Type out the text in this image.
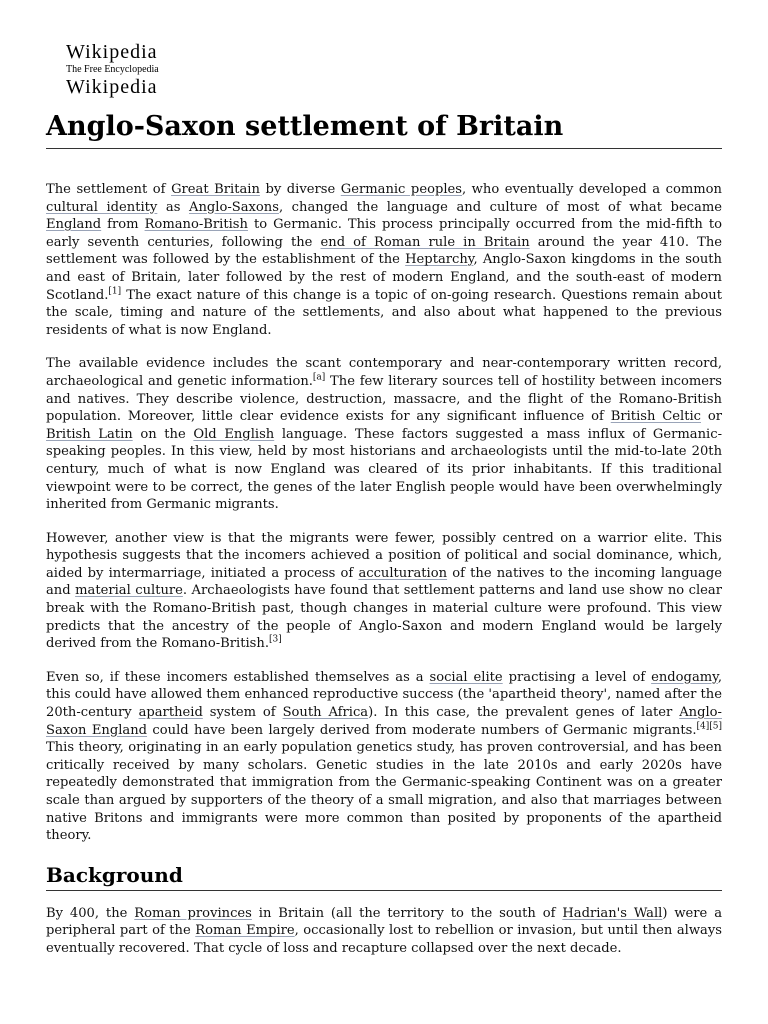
Wikipedia
The Free Encyclopedia
Wikipedia
Anglo-Saxon settlement of Britain

The settlement of Great Britain by diverse Germanic peoples, who eventually developed a common cultural identity as Anglo-Saxons, changed the language and culture of most of what became England from Romano-British to Germanic. This process principally occurred from the mid-fifth to early seventh centuries, following the end of Roman rule in Britain around the year 410. The settlement was followed by the establishment of the Heptarchy, Anglo-Saxon kingdoms in the south and east of Britain, later followed by the rest of modern England, and the south-east of modern Scotland.[1] The exact nature of this change is a topic of on-going research. Questions remain about the scale, timing and nature of the settlements, and also about what happened to the previous residents of what is now England.

The available evidence includes the scant contemporary and near-contemporary written record, archaeological and genetic information.[a] The few literary sources tell of hostility between incomers and natives. They describe violence, destruction, massacre, and the flight of the Romano-British population. Moreover, little clear evidence exists for any significant influence of British Celtic or British Latin on the Old English language. These factors suggested a mass influx of Germanic-speaking peoples. In this view, held by most historians and archaeologists until the mid-to-late 20th century, much of what is now England was cleared of its prior inhabitants. If this traditional viewpoint were to be correct, the genes of the later English people would have been overwhelmingly inherited from Germanic migrants.

However, another view is that the migrants were fewer, possibly centred on a warrior elite. This hypothesis suggests that the incomers achieved a position of political and social dominance, which, aided by intermarriage, initiated a process of acculturation of the natives to the incoming language and material culture. Archaeologists have found that settlement patterns and land use show no clear break with the Romano-British past, though changes in material culture were profound. This view predicts that the ancestry of the people of Anglo-Saxon and modern England would be largely derived from the Romano-British.[3]

Even so, if these incomers established themselves as a social elite practising a level of endogamy, this could have allowed them enhanced reproductive success (the 'apartheid theory', named after the 20th-century apartheid system of South Africa). In this case, the prevalent genes of later Anglo-Saxon England could have been largely derived from moderate numbers of Germanic migrants.[4][5] This theory, originating in an early population genetics study, has proven controversial, and has been critically received by many scholars. Genetic studies in the late 2010s and early 2020s have repeatedly demonstrated that immigration from the Germanic-speaking Continent was on a greater scale than argued by supporters of the theory of a small migration, and also that marriages between native Britons and immigrants were more common than posited by proponents of the apartheid theory.

Background

By 400, the Roman provinces in Britain (all the territory to the south of Hadrian's Wall) were a peripheral part of the Roman Empire, occasionally lost to rebellion or invasion, but until then always eventually recovered. That cycle of loss and recapture collapsed over the next decade.
